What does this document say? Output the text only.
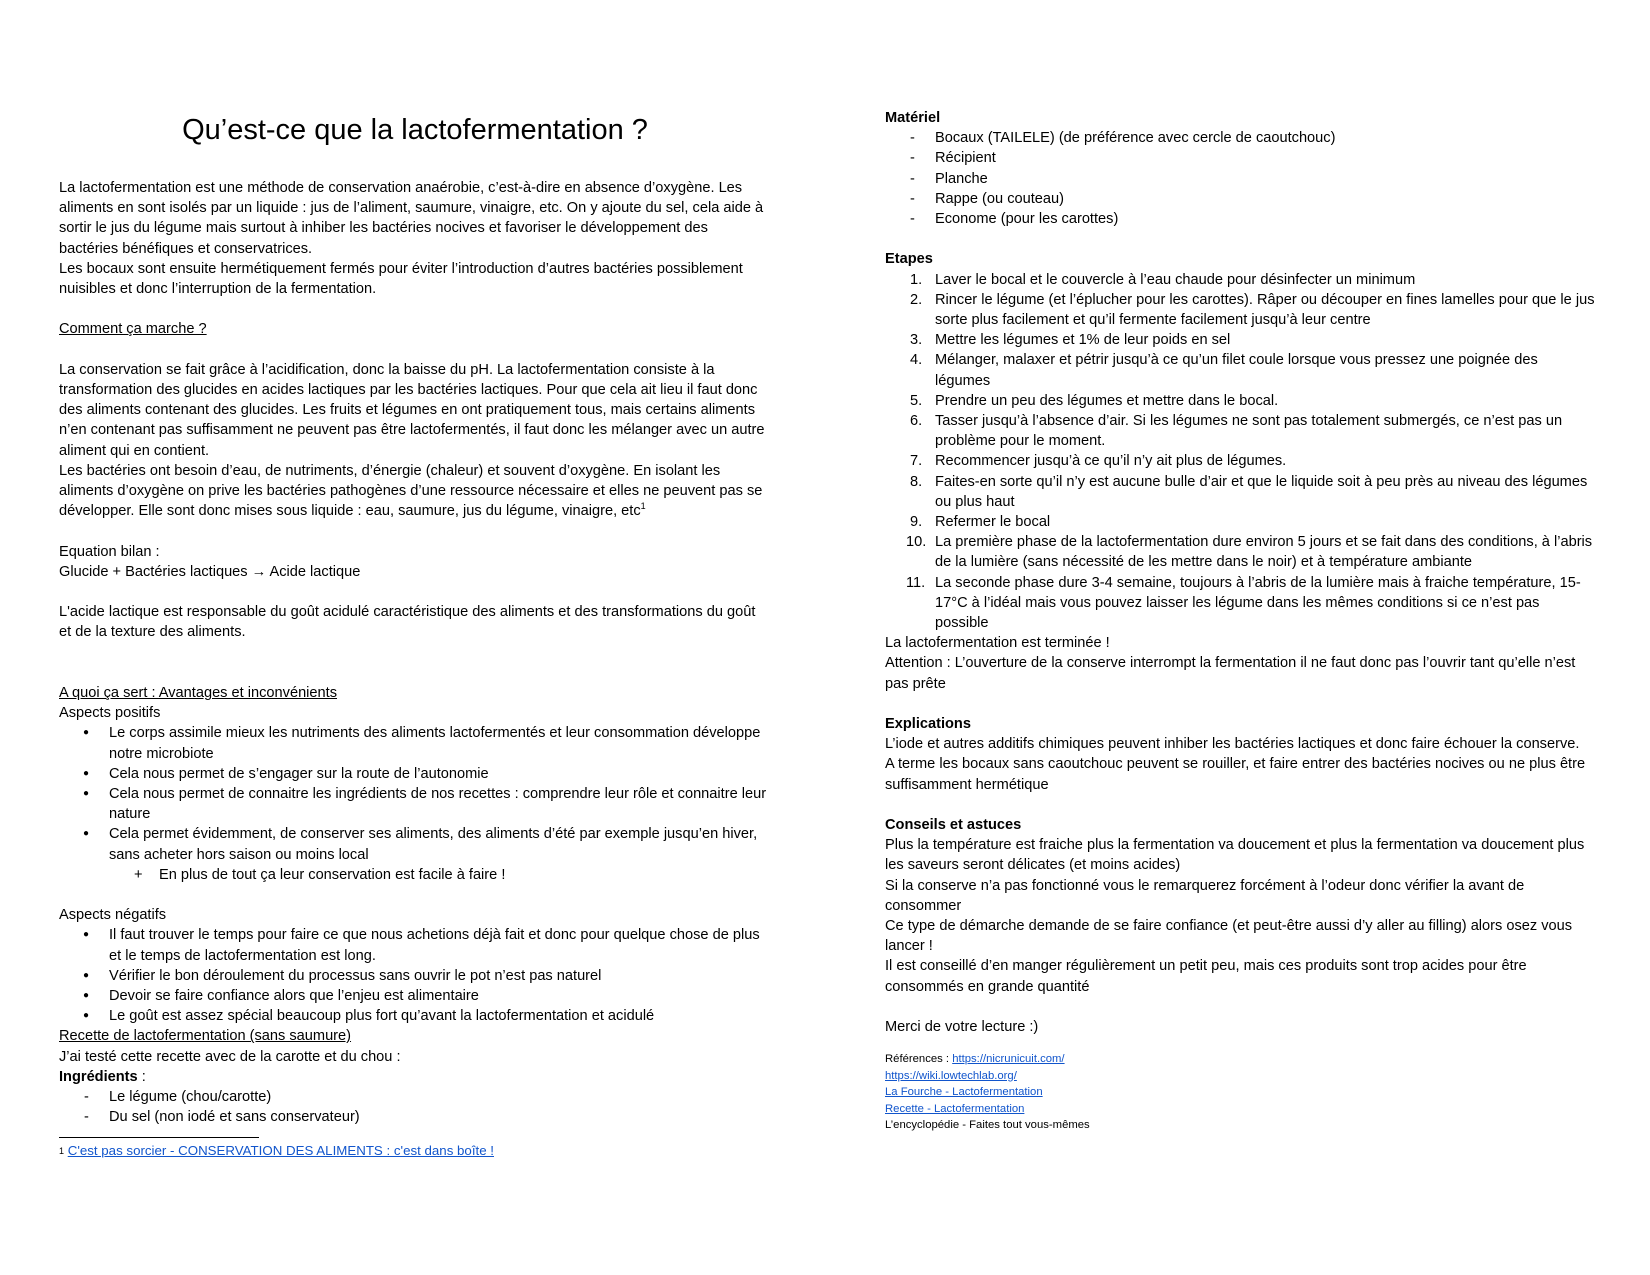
Qu’est-ce que la lactofermentation ?

La lactofermentation est une méthode de conservation anaérobie, c’est-à-dire en absence d’oxygène. Les aliments en sont isolés par un liquide : jus de l’aliment, saumure, vinaigre, etc. On y ajoute du sel, cela aide à sortir le jus du légume mais surtout à inhiber les bactéries nocives et favoriser le développement des bactéries bénéfiques et conservatrices.

Les bocaux sont ensuite hermétiquement fermés pour éviter l’introduction d’autres bactéries possiblement nuisibles et donc l’interruption de la fermentation.

Comment ça marche ?

La conservation se fait grâce à l’acidification, donc la baisse du pH. La lactofermentation consiste à la transformation des glucides en acides lactiques par les bactéries lactiques. Pour que cela ait lieu il faut donc des aliments contenant des glucides. Les fruits et légumes en ont pratiquement tous, mais certains aliments n’en contenant pas suffisamment ne peuvent pas être lactofermentés, il faut donc les mélanger avec un autre aliment qui en contient.

Les bactéries ont besoin d’eau, de nutriments, d’énergie (chaleur) et souvent d’oxygène. En isolant les aliments d’oxygène on prive les bactéries pathogènes d’une ressource nécessaire et elles ne peuvent pas se développer. Elle sont donc mises sous liquide : eau, saumure, jus du légume, vinaigre, etc$^1$

Equation bilan :

Glucide + Bactéries lactiques → Acide lactique

L'acide lactique est responsable du goût acidulé caractéristique des aliments et des transformations du goût et de la texture des aliments.

A quoi ça sert : Avantages et inconvénients

Aspects positifs

● Le corps assimile mieux les nutriments des aliments lactofermentés et leur consommation développe notre microbiote
● Cela nous permet de s’engager sur la route de l’autonomie
● Cela nous permet de connaitre les ingrédients de nos recettes : comprendre leur rôle et connaitre leur nature
● Cela permet évidemment, de conserver ses aliments, des aliments d’été par exemple jusqu’en hiver, sans acheter hors saison ou moins local
+ En plus de tout ça leur conservation est facile à faire !

Aspects négatifs

● Il faut trouver le temps pour faire ce que nous achetions déjà fait et donc pour quelque chose de plus et le temps de lactofermentation est long.
● Vérifier le bon déroulement du processus sans ouvrir le pot n’est pas naturel
● Devoir se faire confiance alors que l’enjeu est alimentaire
● Le goût est assez spécial beaucoup plus fort qu’avant la lactofermentation et acidulé

Recette de lactofermentation (sans saumure)

J’ai testé cette recette avec de la carotte et du chou :

Ingrédients :

- Le légume (chou/carotte)
- Du sel (non iodé et sans conservateur)

$^1$ C'est pas sorcier - CONSERVATION DES ALIMENTS : c'est dans boîte !

Matériel

- Bocaux (TAILELE) (de préférence avec cercle de caoutchouc)
- Récipient
- Planche
- Rappe (ou couteau)
- Econome (pour les carottes)

Etapes

1. Laver le bocal et le couvercle à l’eau chaude pour désinfecter un minimum
2. Rincer le légume (et l’éplucher pour les carottes). Râper ou découper en fines lamelles pour que le jus sorte plus facilement et qu’il fermente facilement jusqu’à leur centre
3. Mettre les légumes et 1% de leur poids en sel
4. Mélanger, malaxer et pétrir jusqu’à ce qu’un filet coule lorsque vous pressez une poignée des légumes
5. Prendre un peu des légumes et mettre dans le bocal.
6. Tasser jusqu’à l’absence d’air. Si les légumes ne sont pas totalement submergés, ce n’est pas un problème pour le moment.
7. Recommencer jusqu’à ce qu’il n’y ait plus de légumes.
8. Faites-en sorte qu’il n’y est aucune bulle d’air et que le liquide soit à peu près au niveau des légumes ou plus haut
9. Refermer le bocal
10. La première phase de la lactofermentation dure environ 5 jours et se fait dans des conditions, à l’abris de la lumière (sans nécessité de les mettre dans le noir) et à température ambiante
11. La seconde phase dure 3-4 semaine, toujours à l’abris de la lumière mais à fraiche température, 15-17°C à l’idéal mais vous pouvez laisser les légume dans les mêmes conditions si ce n’est pas possible

La lactofermentation est terminée !

Attention : L’ouverture de la conserve interrompt la fermentation il ne faut donc pas l’ouvrir tant qu’elle n’est pas prête

Explications

L’iode et autres additifs chimiques peuvent inhiber les bactéries lactiques et donc faire échouer la conserve.

A terme les bocaux sans caoutchouc peuvent se rouiller, et faire entrer des bactéries nocives ou ne plus être suffisamment hermétique

Conseils et astuces

Plus la température est fraiche plus la fermentation va doucement et plus la fermentation va doucement plus les saveurs seront délicates (et moins acides)

Si la conserve n’a pas fonctionné vous le remarquerez forcément à l’odeur donc vérifier la avant de consommer

Ce type de démarche demande de se faire confiance (et peut-être aussi d’y aller au filling) alors osez vous lancer !

Il est conseillé d’en manger régulièrement un petit peu, mais ces produits sont trop acides pour être consommés en grande quantité

Merci de votre lecture :)

Références : https://nicrunicuit.com/

https://wiki.lowtechlab.org/

La Fourche - Lactofermentation

Recette - Lactofermentation

L’encyclopédie - Faites tout vous-mêmes
